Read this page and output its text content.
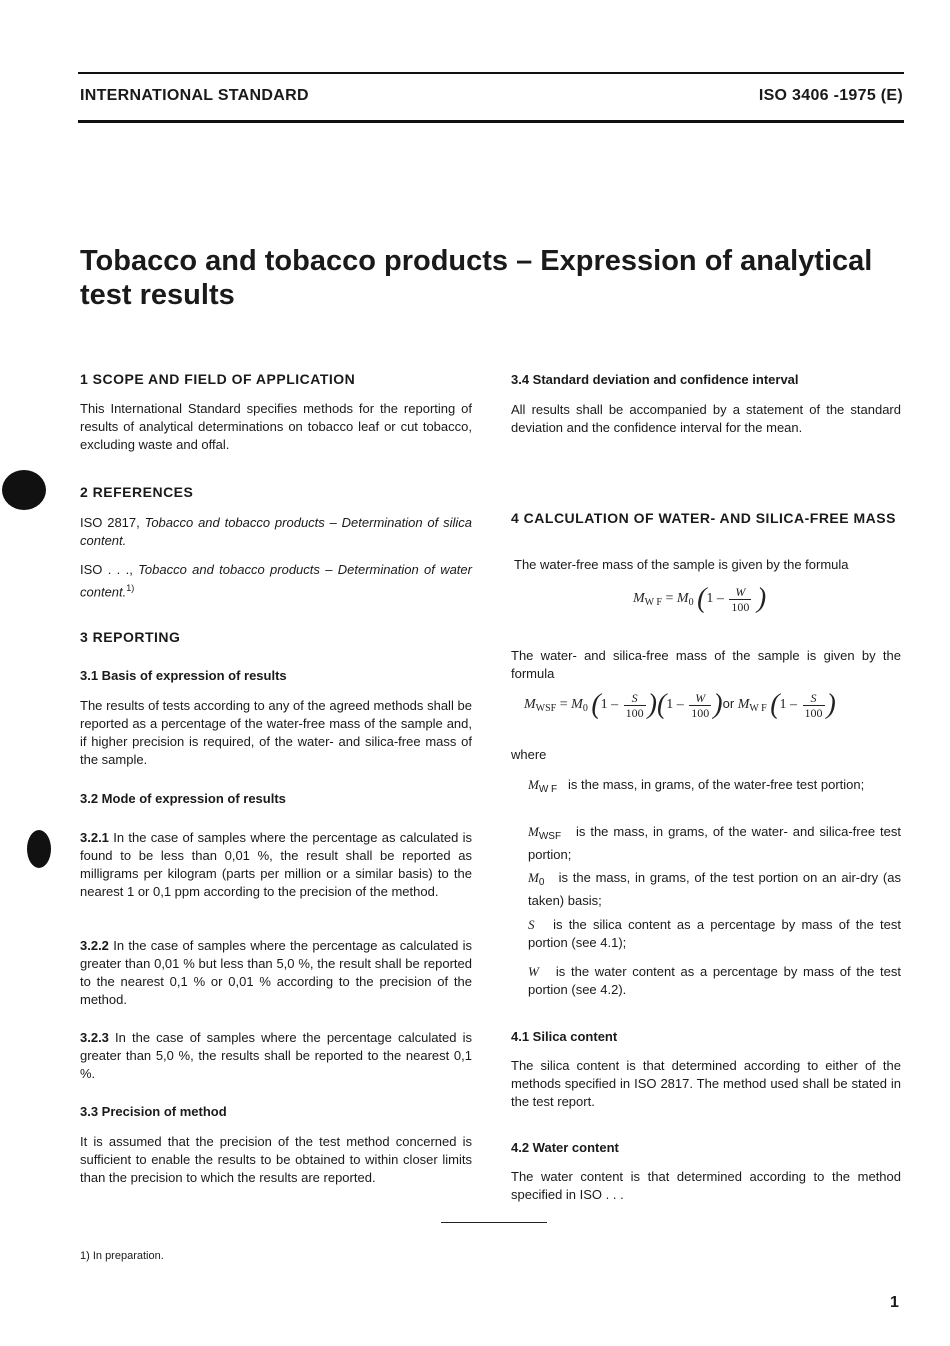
INTERNATIONAL STANDARD	ISO 3406 -1975 (E)
Tobacco and tobacco products – Expression of analytical
test results
1 SCOPE AND FIELD OF APPLICATION
This International Standard specifies methods for the reporting of results of analytical determinations on tobacco leaf or cut tobacco, excluding waste and offal.
2 REFERENCES
ISO 2817, Tobacco and tobacco products – Determination of silica content.
ISO . . ., Tobacco and tobacco products – Determination of water content.$^{1)}$
3 REPORTING
3.1 Basis of expression of results
The results of tests according to any of the agreed methods shall be reported as a percentage of the water-free mass of the sample and, if higher precision is required, of the water- and silica-free mass of the sample.
3.2 Mode of expression of results
3.2.1 In the case of samples where the percentage as calculated is found to be less than 0,01 %, the result shall be reported as milligrams per kilogram (parts per million or a similar basis) to the nearest 1 or 0,1 ppm according to the precision of the method.
3.2.2 In the case of samples where the percentage as calculated is greater than 0,01 % but less than 5,0 %, the result shall be reported to the nearest 0,1 % or 0,01 % according to the precision of the method.
3.2.3 In the case of samples where the percentage calculated is greater than 5,0 %, the results shall be reported to the nearest 0,1 %.
3.3 Precision of method
It is assumed that the precision of the test method concerned is sufficient to enable the results to be obtained to within closer limits than the precision to which the results are reported.
3.4 Standard deviation and confidence interval
All results shall be accompanied by a statement of the standard deviation and the confidence interval for the mean.
4 CALCULATION OF WATER- AND SILICA-FREE MASS
The water-free mass of the sample is given by the formula
$M_{W F} = M_0$ ($1 - \frac{W}{100}$ )
The water- and silica-free mass of the sample is given by the formula
$M_{WSF} = M_0$ $(1 - \frac{S}{100} )(1 - \frac{W}{100} )or$ $M_{W F}$ ($1 - \frac{S}{100}$ )
where
$M_{W F}$ is the mass, in grams, of the water-free test portion;
$M_{WSF}$ is the mass, in grams, of the water- and silica-free test portion;
$M_0$ is the mass, in grams, of the test portion on an air-dry (as taken) basis;
S is the silica content as a percentage by mass of the test portion (see 4.1);
W is the water content as a percentage by mass of the test portion (see 4.2).
4.1 Silica content
The silica content is that determined according to either of the methods specified in ISO 2817. The method used shall be stated in the test report.
4.2 Water content
The water content is that determined according to the method specified in ISO . . .
1) In preparation.
1
